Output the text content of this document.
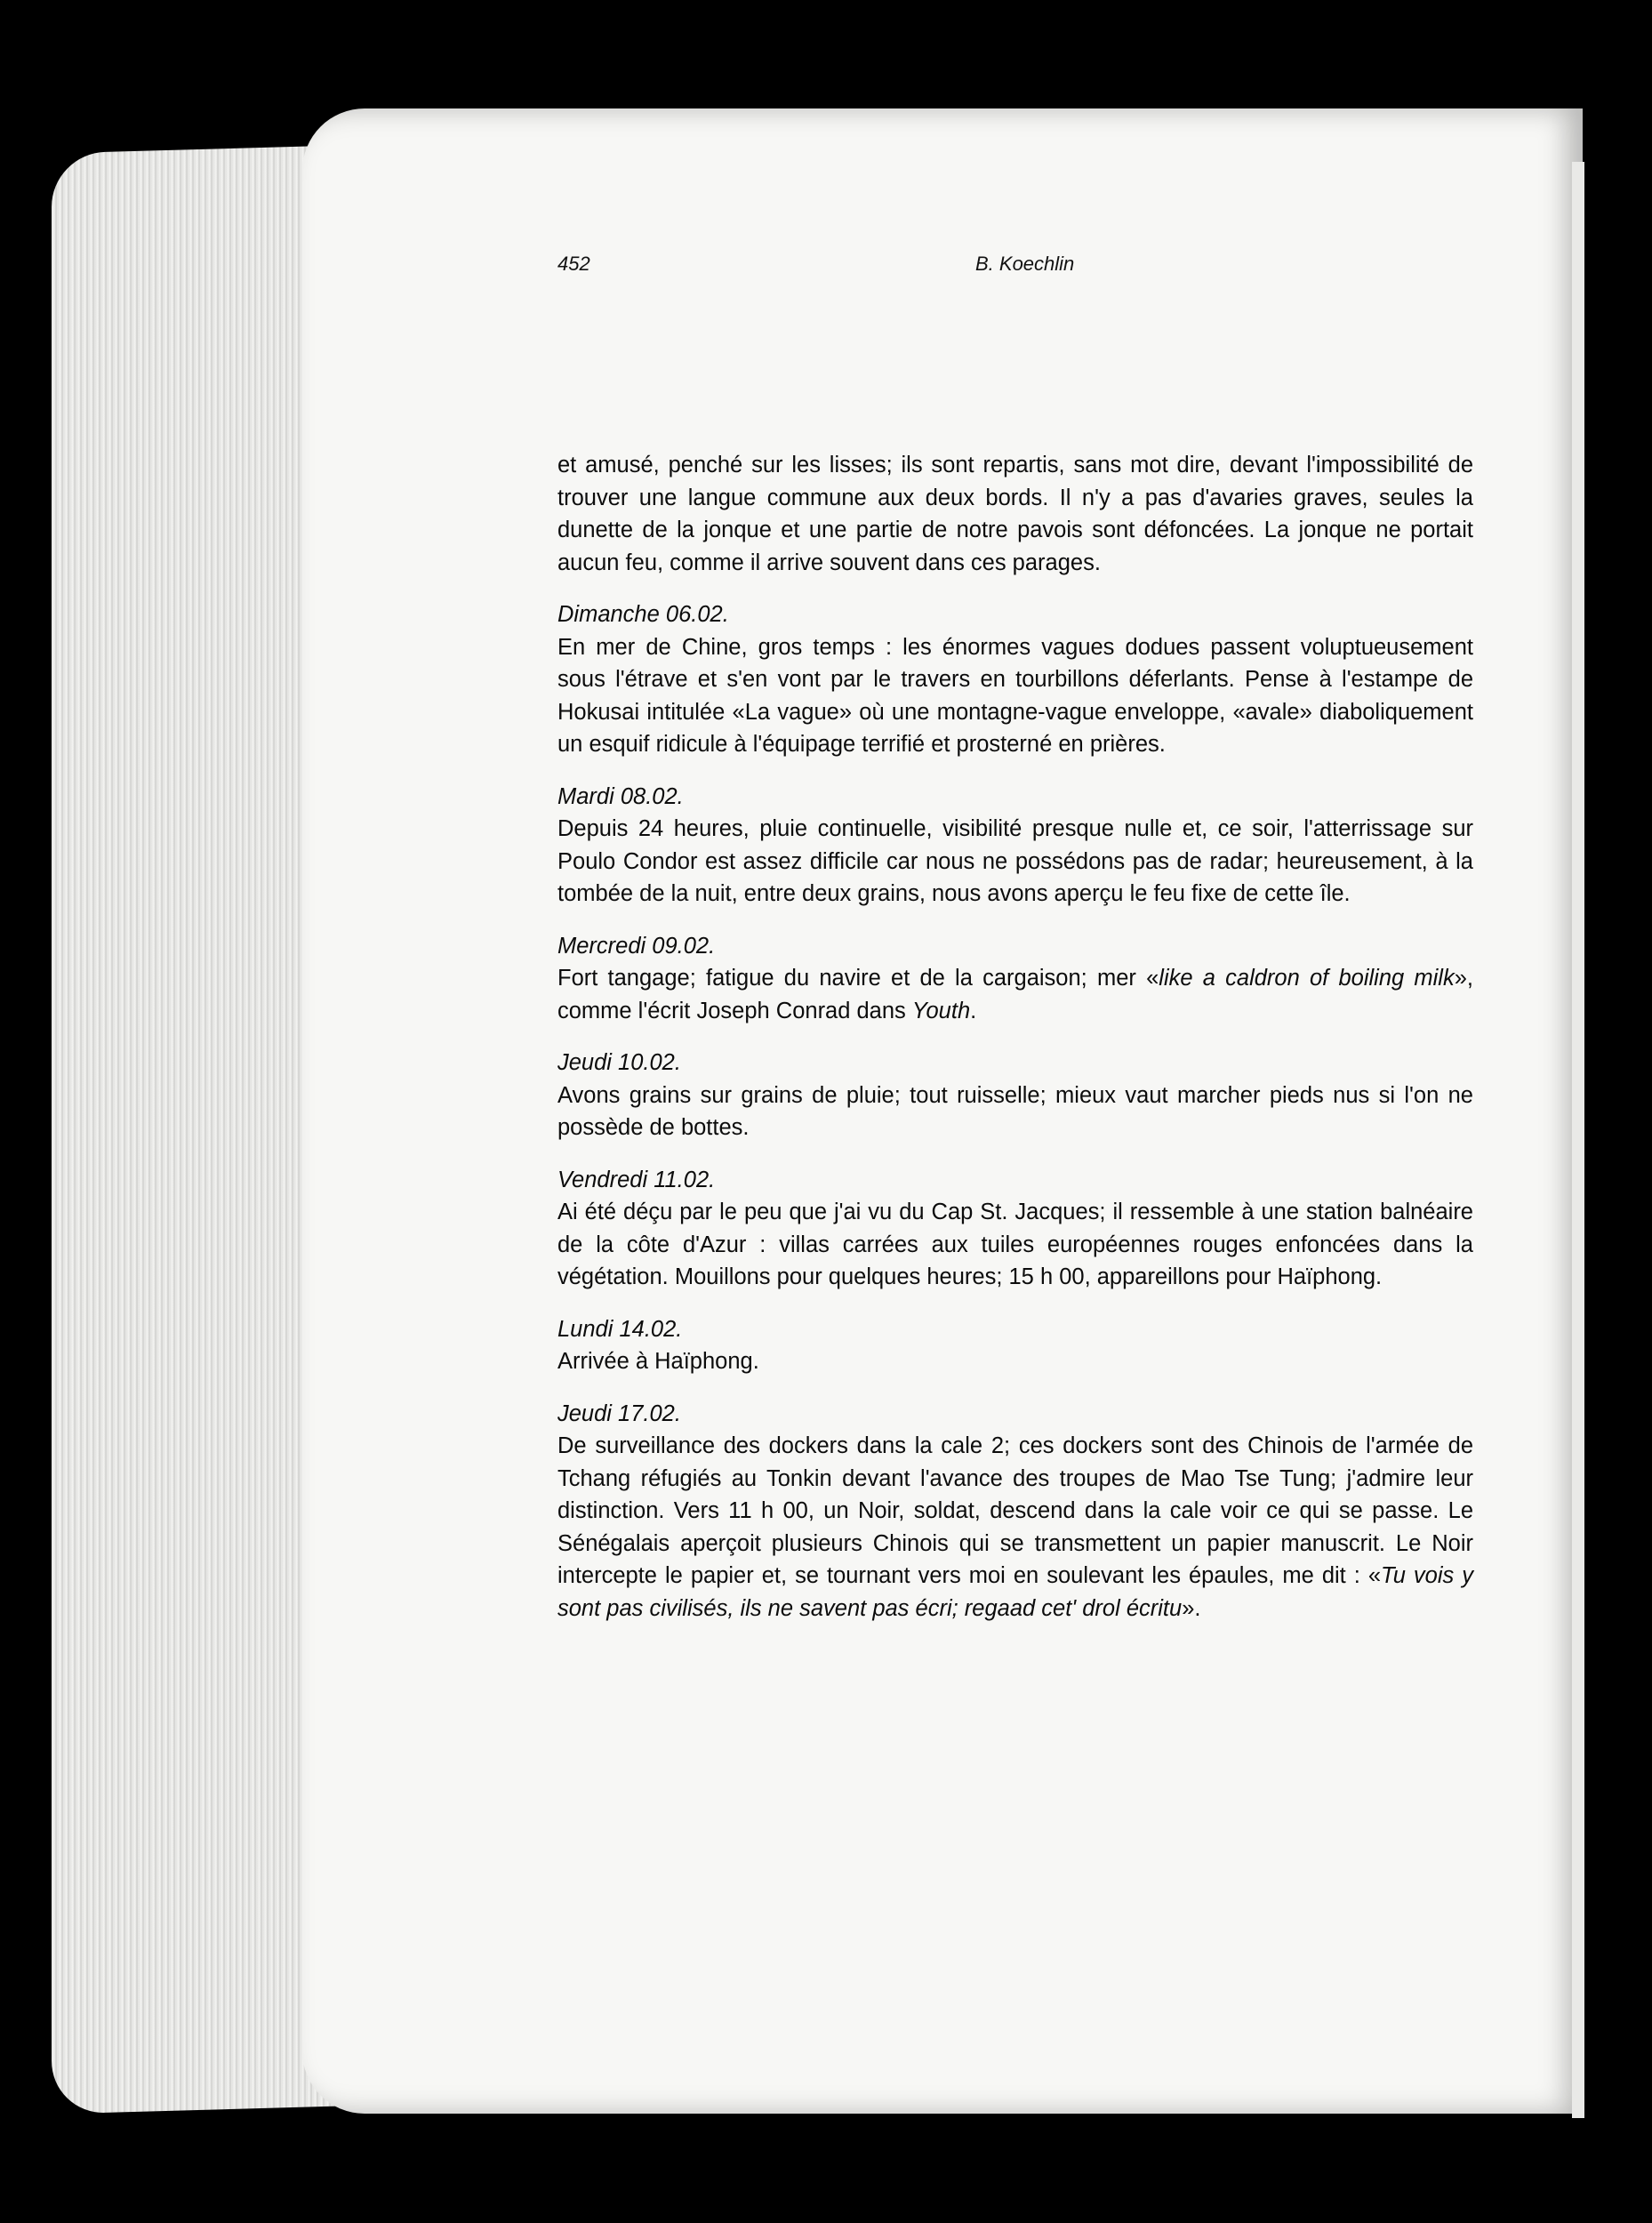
452	B. Koechlin

et amusé, penché sur les lisses; ils sont repartis, sans mot dire, devant l'impossibilité de trouver une langue commune aux deux bords. Il n'y a pas d'avaries graves, seules la dunette de la jonque et une partie de notre pavois sont défoncées. La jonque ne portait aucun feu, comme il arrive souvent dans ces parages.

Dimanche 06.02.

En mer de Chine, gros temps : les énormes vagues dodues passent voluptueusement sous l'étrave et s'en vont par le travers en tourbillons déferlants. Pense à l'estampe de Hokusai intitulée «La vague» où une montagne-vague enveloppe, «avale» diaboliquement un esquif ridicule à l'équipage terrifié et prosterné en prières.

Mardi 08.02.

Depuis 24 heures, pluie continuelle, visibilité presque nulle et, ce soir, l'atterrissage sur Poulo Condor est assez difficile car nous ne possédons pas de radar; heureusement, à la tombée de la nuit, entre deux grains, nous avons aperçu le feu fixe de cette île.

Mercredi 09.02.

Fort tangage; fatigue du navire et de la cargaison; mer «like a caldron of boiling milk», comme l'écrit Joseph Conrad dans Youth.

Jeudi 10.02.

Avons grains sur grains de pluie; tout ruisselle; mieux vaut marcher pieds nus si l'on ne possède de bottes.

Vendredi 11.02.

Ai été déçu par le peu que j'ai vu du Cap St. Jacques; il ressemble à une station balnéaire de la côte d'Azur : villas carrées aux tuiles européennes rouges enfoncées dans la végétation. Mouillons pour quelques heures; 15 h 00, appareillons pour Haïphong.

Lundi 14.02.

Arrivée à Haïphong.

Jeudi 17.02.

De surveillance des dockers dans la cale 2; ces dockers sont des Chinois de l'armée de Tchang réfugiés au Tonkin devant l'avance des troupes de Mao Tse Tung; j'admire leur distinction. Vers 11 h 00, un Noir, soldat, descend dans la cale voir ce qui se passe. Le Sénégalais aperçoit plusieurs Chinois qui se transmettent un papier manuscrit. Le Noir intercepte le papier et, se tournant vers moi en soulevant les épaules, me dit : «Tu vois y sont pas civilisés, ils ne savent pas écri; regaad cet' drol écritu».
